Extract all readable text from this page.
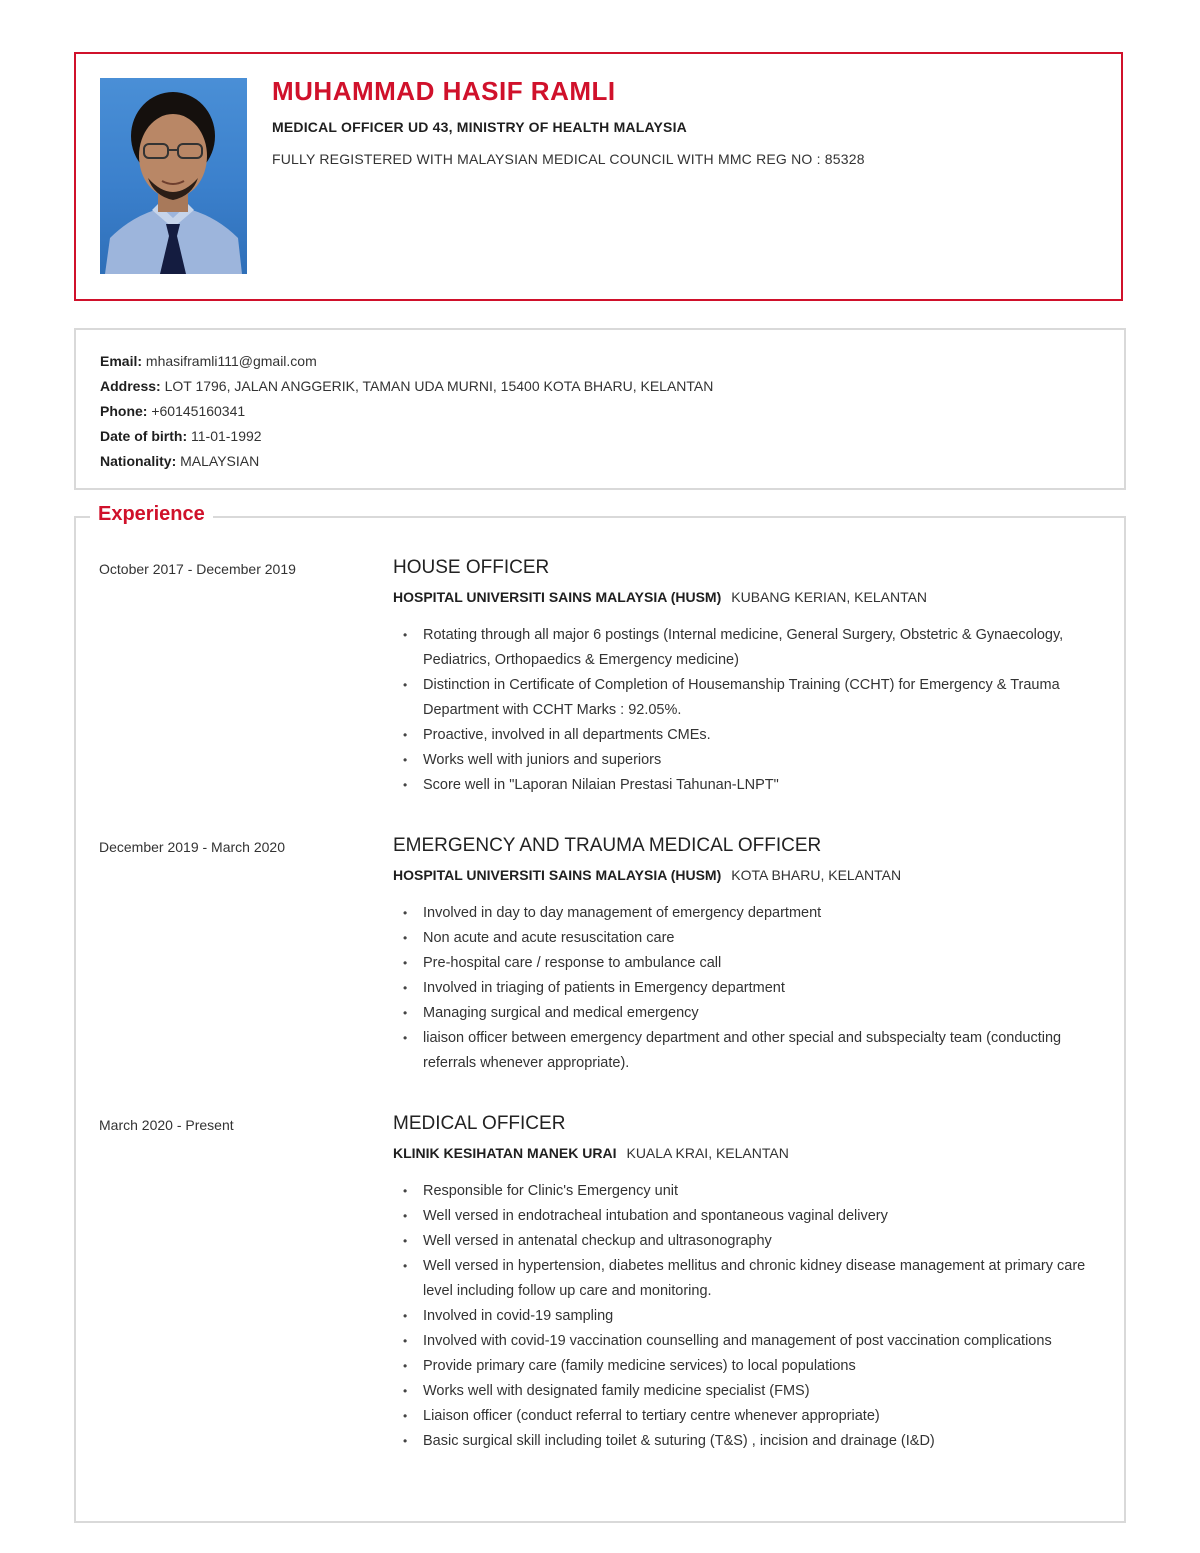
MUHAMMAD HASIF RAMLI
MEDICAL OFFICER UD 43, MINISTRY OF HEALTH MALAYSIA
FULLY REGISTERED WITH MALAYSIAN MEDICAL COUNCIL WITH MMC REG NO : 85328
Email: mhasiframli111@gmail.com
Address: LOT 1796, JALAN ANGGERIK, TAMAN UDA MURNI, 15400 KOTA BHARU, KELANTAN
Phone: +60145160341
Date of birth: 11-01-1992
Nationality: MALAYSIAN
Experience
October 2017 - December 2019	HOUSE OFFICER
HOSPITAL UNIVERSITI SAINS MALAYSIA (HUSM) KUBANG KERIAN, KELANTAN
• Rotating through all major 6 postings (Internal medicine, General Surgery, Obstetric & Gynaecology, Pediatrics, Orthopaedics & Emergency medicine)
• Distinction in Certificate of Completion of Housemanship Training (CCHT) for Emergency & Trauma Department with CCHT Marks : 92.05%.
• Proactive, involved in all departments CMEs.
• Works well with juniors and superiors
• Score well in "Laporan Nilaian Prestasi Tahunan-LNPT"
December 2019 - March 2020	EMERGENCY AND TRAUMA MEDICAL OFFICER
HOSPITAL UNIVERSITI SAINS MALAYSIA (HUSM) KOTA BHARU, KELANTAN
• Involved in day to day management of emergency department
• Non acute and acute resuscitation care
• Pre-hospital care / response to ambulance call
• Involved in triaging of patients in Emergency department
• Managing surgical and medical emergency
• liaison officer between emergency department and other special and subspecialty team (conducting referrals whenever appropriate).
March 2020 - Present	MEDICAL OFFICER
KLINIK KESIHATAN MANEK URAI KUALA KRAI, KELANTAN
• Responsible for Clinic's Emergency unit
• Well versed in endotracheal intubation and spontaneous vaginal delivery
• Well versed in antenatal checkup and ultrasonography
• Well versed in hypertension, diabetes mellitus and chronic kidney disease management at primary care level including follow up care and monitoring.
• Involved in covid-19 sampling
• Involved with covid-19 vaccination counselling and management of post vaccination complications
• Provide primary care (family medicine services) to local populations
• Works well with designated family medicine specialist (FMS)
• Liaison officer (conduct referral to tertiary centre whenever appropriate)
• Basic surgical skill including toilet & suturing (T&S) , incision and drainage (I&D)
